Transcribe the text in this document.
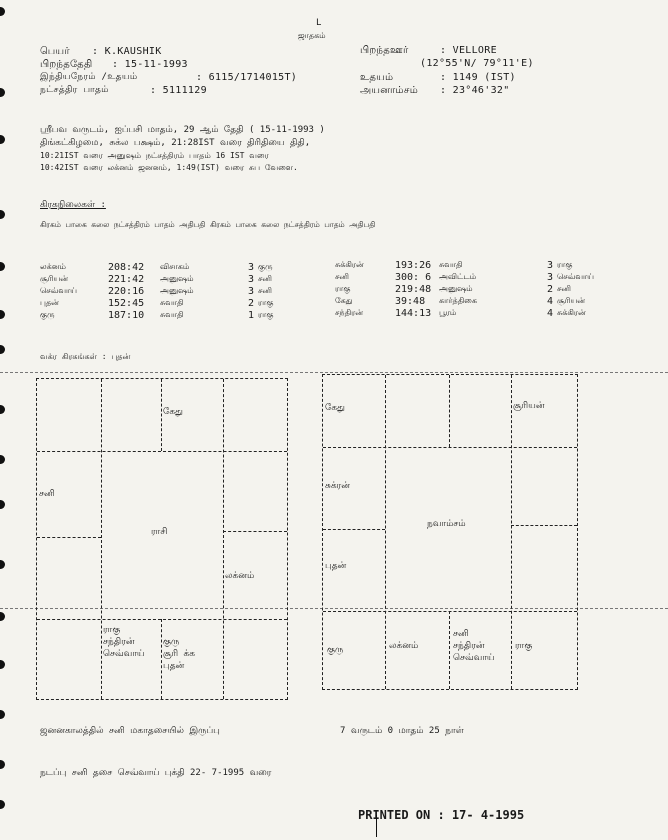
L
ஜாதகம்
பெயர் : K.KAUSHIK
பிறந்ததேதி : 15-11-1993
இந்தியநேரம் /உதயம்	: 6115/1714015T)
நட்சத்திர பாதம்	: 5111129
பிறந்தஊர்	: VELLORE
(12°55'N/ 79°11'E)
உதயம்	: 1149 (IST)
அயனாம்சம் : 23°46'32"
ஸ்ரீபவ வருடம், ஐப்பசி மாதம், 29 ஆம் தேதி ( 15-11-1993 )
திங்கட்கிழமை, சுக்ல பக்ஷம், 21:28IST வரை திரிதியை திதி,
10:21IST வரை அனுஷம் நட்சத்திரம் பாதம் 16 IST வரை
10:42IST வரை லக்னம் ஜனனம், 1:49(IST) வரை சுப வேளை.
கிரகநிலைகள் :
கிரகம் பாகை கலை நட்சத்திரம் பாதம் அதிபதி கிரகம் பாகை கலை நட்சத்திரம் பாதம் அதிபதி
லக்னம்	208:42 விசாகம்	3 குரு
சூரியன்	221:42 அனுஷம்	3 சனி
செவ்வாய்	220:16 அனுஷம்	3 சனி
புதன்	152:45 சுவாதி	2 ராகு
குரு	187:10 சுவாதி	1 ராகு
சுக்கிரன்	193:26 சுவாதி	3 ராகு
சனி	300: 6 அவிட்டம்	3 செவ்வாய்
ராகு	219:48 அனுஷம்	2 சனி
கேது	39:48 கார்த்திகை	4 சூரியன்
சந்திரன்	144:13 பூரம்	4 சுக்கிரன்
வக்ர கிரகங்கள் : புதன்
கேது
சனி
ராசி
லக்னம்
ராகு
சந்திரன்
செவ்வாய்
குரு
சூரி க்க
புதன்
கேது	சூரியன்
சுக்ரன்
நவாம்சம்
புதன்
குரு	லக்னம்
சனி
சந்திரன்
செவ்வாய்
ராகு
ஜனனகாலத்தில் சனி மகாதசையில் இருப்பு	7 வருடம் 0 மாதம் 25 நாள்
நடப்பு சனி தசை செவ்வாய் புக்தி 22- 7-1995 வரை
PRINTED ON : 17- 4-1995
